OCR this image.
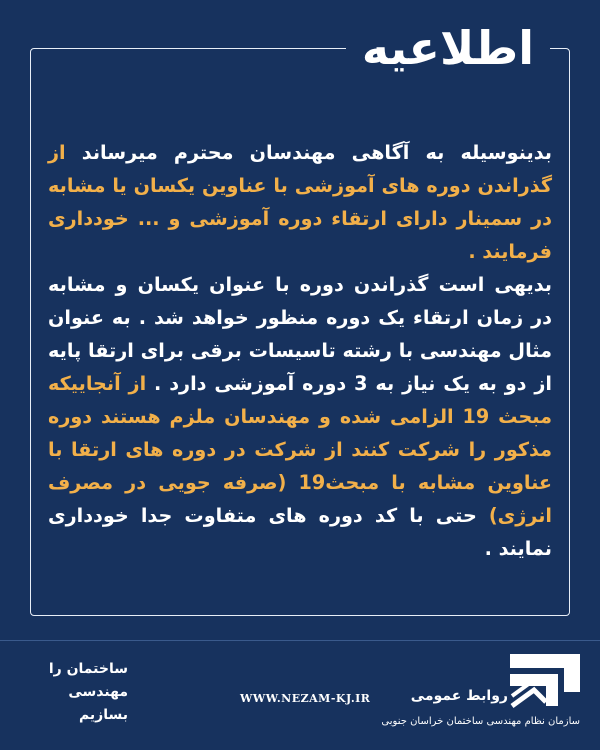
اطلاعیه

بدینوسیله به آگاهی مهندسان محترم میرساند از گذراندن دوره های آموزشی با عناوین یکسان یا مشابه در سمینار دارای ارتقاء دوره آموزشی و ... خودداری فرمایند .

بدیهی است گذراندن دوره با عنوان یکسان و مشابه در زمان ارتقاء یک دوره منظور خواهد شد . به عنوان مثال مهندسی با رشته تاسیسات برقی برای ارتقا پایه از دو به یک نیاز به 3 دوره آموزشی دارد . از آنجاییکه مبحث 19 الزامی شده و مهندسان ملزم هستند دوره مذکور را شرکت کنند از شرکت در دوره های ارتقا با عناوین مشابه با مبحث19 (صرفه جویی در مصرف انرژی) حتی با کد دوره های متفاوت جدا خودداری نمایند .

ساختمان را
مهندسی
بسازیم
WWW.NEZAM-KJ.IR	روابط عمومی
سازمان نظام مهندسی ساختمان خراسان جنوبی
